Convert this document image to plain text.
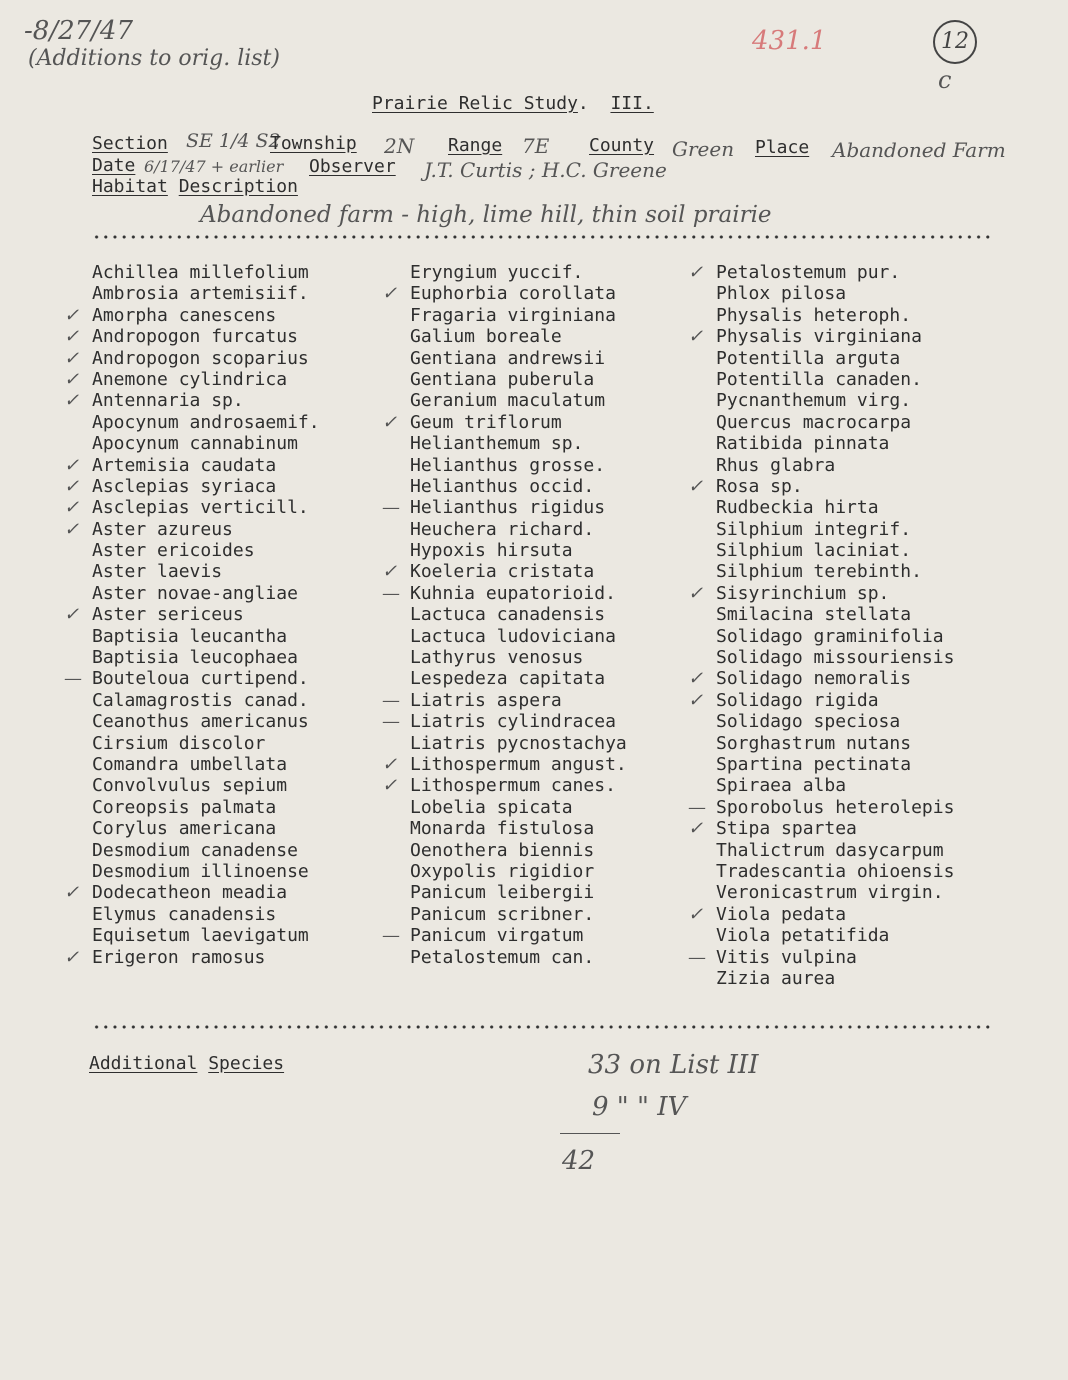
-8/27/47
(Additions to orig. list)
431.1	12
c
Prairie Relic Study. III.
Section SE 1/4 S2
Township 2N Range 7E County Green Place Abandoned Farm
Date 6/17/47 + earlier Observer J.T. Curtis ; H.C. Greene
Habitat Description
Abandoned farm - high, lime hill, thin soil prairie
Achillea millefolium
Ambrosia artemisiif.
✓ Amorpha canescens
✓ Andropogon furcatus
✓ Andropogon scoparius
✓ Anemone cylindrica
✓ Antennaria sp.
Apocynum androsaemif.
Apocynum cannabinum
✓ Artemisia caudata
✓ Asclepias syriaca
✓ Asclepias verticill.
✓ Aster azureus
Aster ericoides
Aster laevis
Aster novae-angliae
✓ Aster sericeus
Baptisia leucantha
Baptisia leucophaea
— Bouteloua curtipend.
Calamagrostis canad.
Ceanothus americanus
Cirsium discolor
Comandra umbellata
Convolvulus sepium
Coreopsis palmata
Corylus americana
Desmodium canadense
Desmodium illinoense
✓ Dodecatheon meadia
Elymus canadensis
Equisetum laevigatum
✓ Erigeron ramosus
Eryngium yuccif.
✓ Euphorbia corollata
Fragaria virginiana
Galium boreale
Gentiana andrewsii
Gentiana puberula
Geranium maculatum
✓ Geum triflorum
Helianthemum sp.
Helianthus grosse.
Helianthus occid.
— Helianthus rigidus
Heuchera richard.
Hypoxis hirsuta
✓ Koeleria cristata
— Kuhnia eupatorioid.
Lactuca canadensis
Lactuca ludoviciana
Lathyrus venosus
Lespedeza capitata
— Liatris aspera
— Liatris cylindracea
Liatris pycnostachya
✓ Lithospermum angust.
✓ Lithospermum canes.
Lobelia spicata
Monarda fistulosa
Oenothera biennis
Oxypolis rigidior
Panicum leibergii
Panicum scribner.
— Panicum virgatum
Petalostemum can.
✓ Petalostemum pur.
Phlox pilosa
Physalis heteroph.
✓ Physalis virginiana
Potentilla arguta
Potentilla canaden.
Pycnanthemum virg.
Quercus macrocarpa
Ratibida pinnata
Rhus glabra
✓ Rosa sp.
Rudbeckia hirta
Silphium integrif.
Silphium laciniat.
Silphium terebinth.
✓ Sisyrinchium sp.
Smilacina stellata
Solidago graminifolia
Solidago missouriensis
✓ Solidago nemoralis
✓ Solidago rigida
Solidago speciosa
Sorghastrum nutans
Spartina pectinata
Spiraea alba
— Sporobolus heterolepis
✓ Stipa spartea
Thalictrum dasycarpum
Tradescantia ohioensis
Veronicastrum virgin.
✓ Viola pedata
Viola petatifida
— Vitis vulpina
Zizia aurea
Additional Species	33 on List III
9 " " IV
42
